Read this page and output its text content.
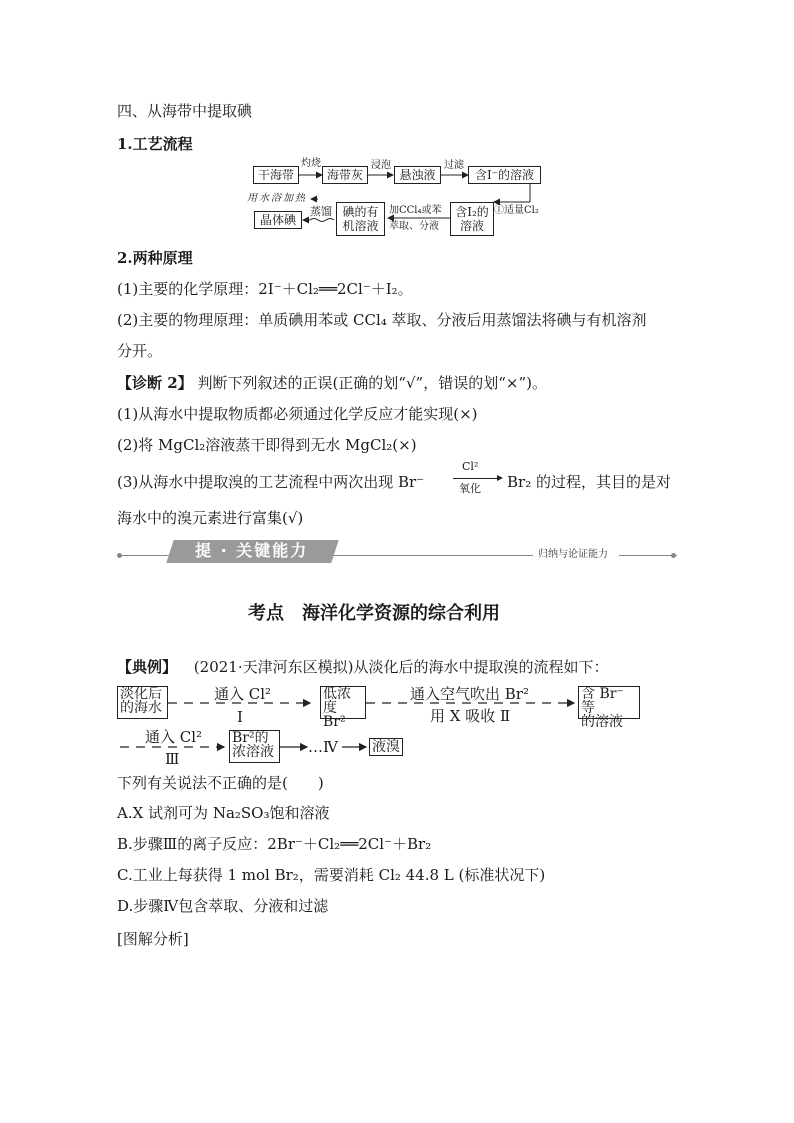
四、从海带中提取碘
1.工艺流程
干海带
灼烧
海带灰
浸泡
悬浊液
过滤
含I⁻的溶液
①适量Cl₂
含I₂的
溶液
加CCl₄或苯
萃取、分液
碘的有
机溶液
蒸馏
用水浴加热
晶体碘
2.两种原理
(1)主要的化学原理：2I⁻＋Cl₂══2Cl⁻＋I₂。
(2)主要的物理原理：单质碘用苯或 CCl₄ 萃取、分液后用蒸馏法将碘与有机溶剂
分开。
【诊断 2】 判断下列叙述的正误(正确的划“√”，错误的划“×”)。
(1)从海水中提取物质都必须通过化学反应才能实现(×)
(2)将 MgCl₂溶液蒸干即得到无水 MgCl₂(×)
(3)从海水中提取溴的工艺流程中两次出现 Br⁻
Cl²
氧化 Br₂ 的过程，其目的是对
海水中的溴元素进行富集(√)
提 · 关键能力	归纳与论证能力
考点　海洋化学资源的综合利用
【典例】 (2021·天津河东区模拟)从淡化后的海水中提取溴的流程如下：
淡化后
的海水
通入 Cl²
Ⅰ
低浓
度 Br²
通入空气吹出 Br²
用 X 吸收 Ⅱ
含 Br⁻等
的溶液
通入 Cl²
Ⅲ
Br²的
浓溶液 …Ⅳ 液溴
下列有关说法不正确的是(　　)
A.X 试剂可为 Na₂SO₃饱和溶液
B.步骤Ⅲ的离子反应：2Br⁻＋Cl₂══2Cl⁻＋Br₂
C.工业上每获得 1 mol Br₂，需要消耗 Cl₂ 44.8 L (标准状况下)
D.步骤Ⅳ包含萃取、分液和过滤
[图解分析]
